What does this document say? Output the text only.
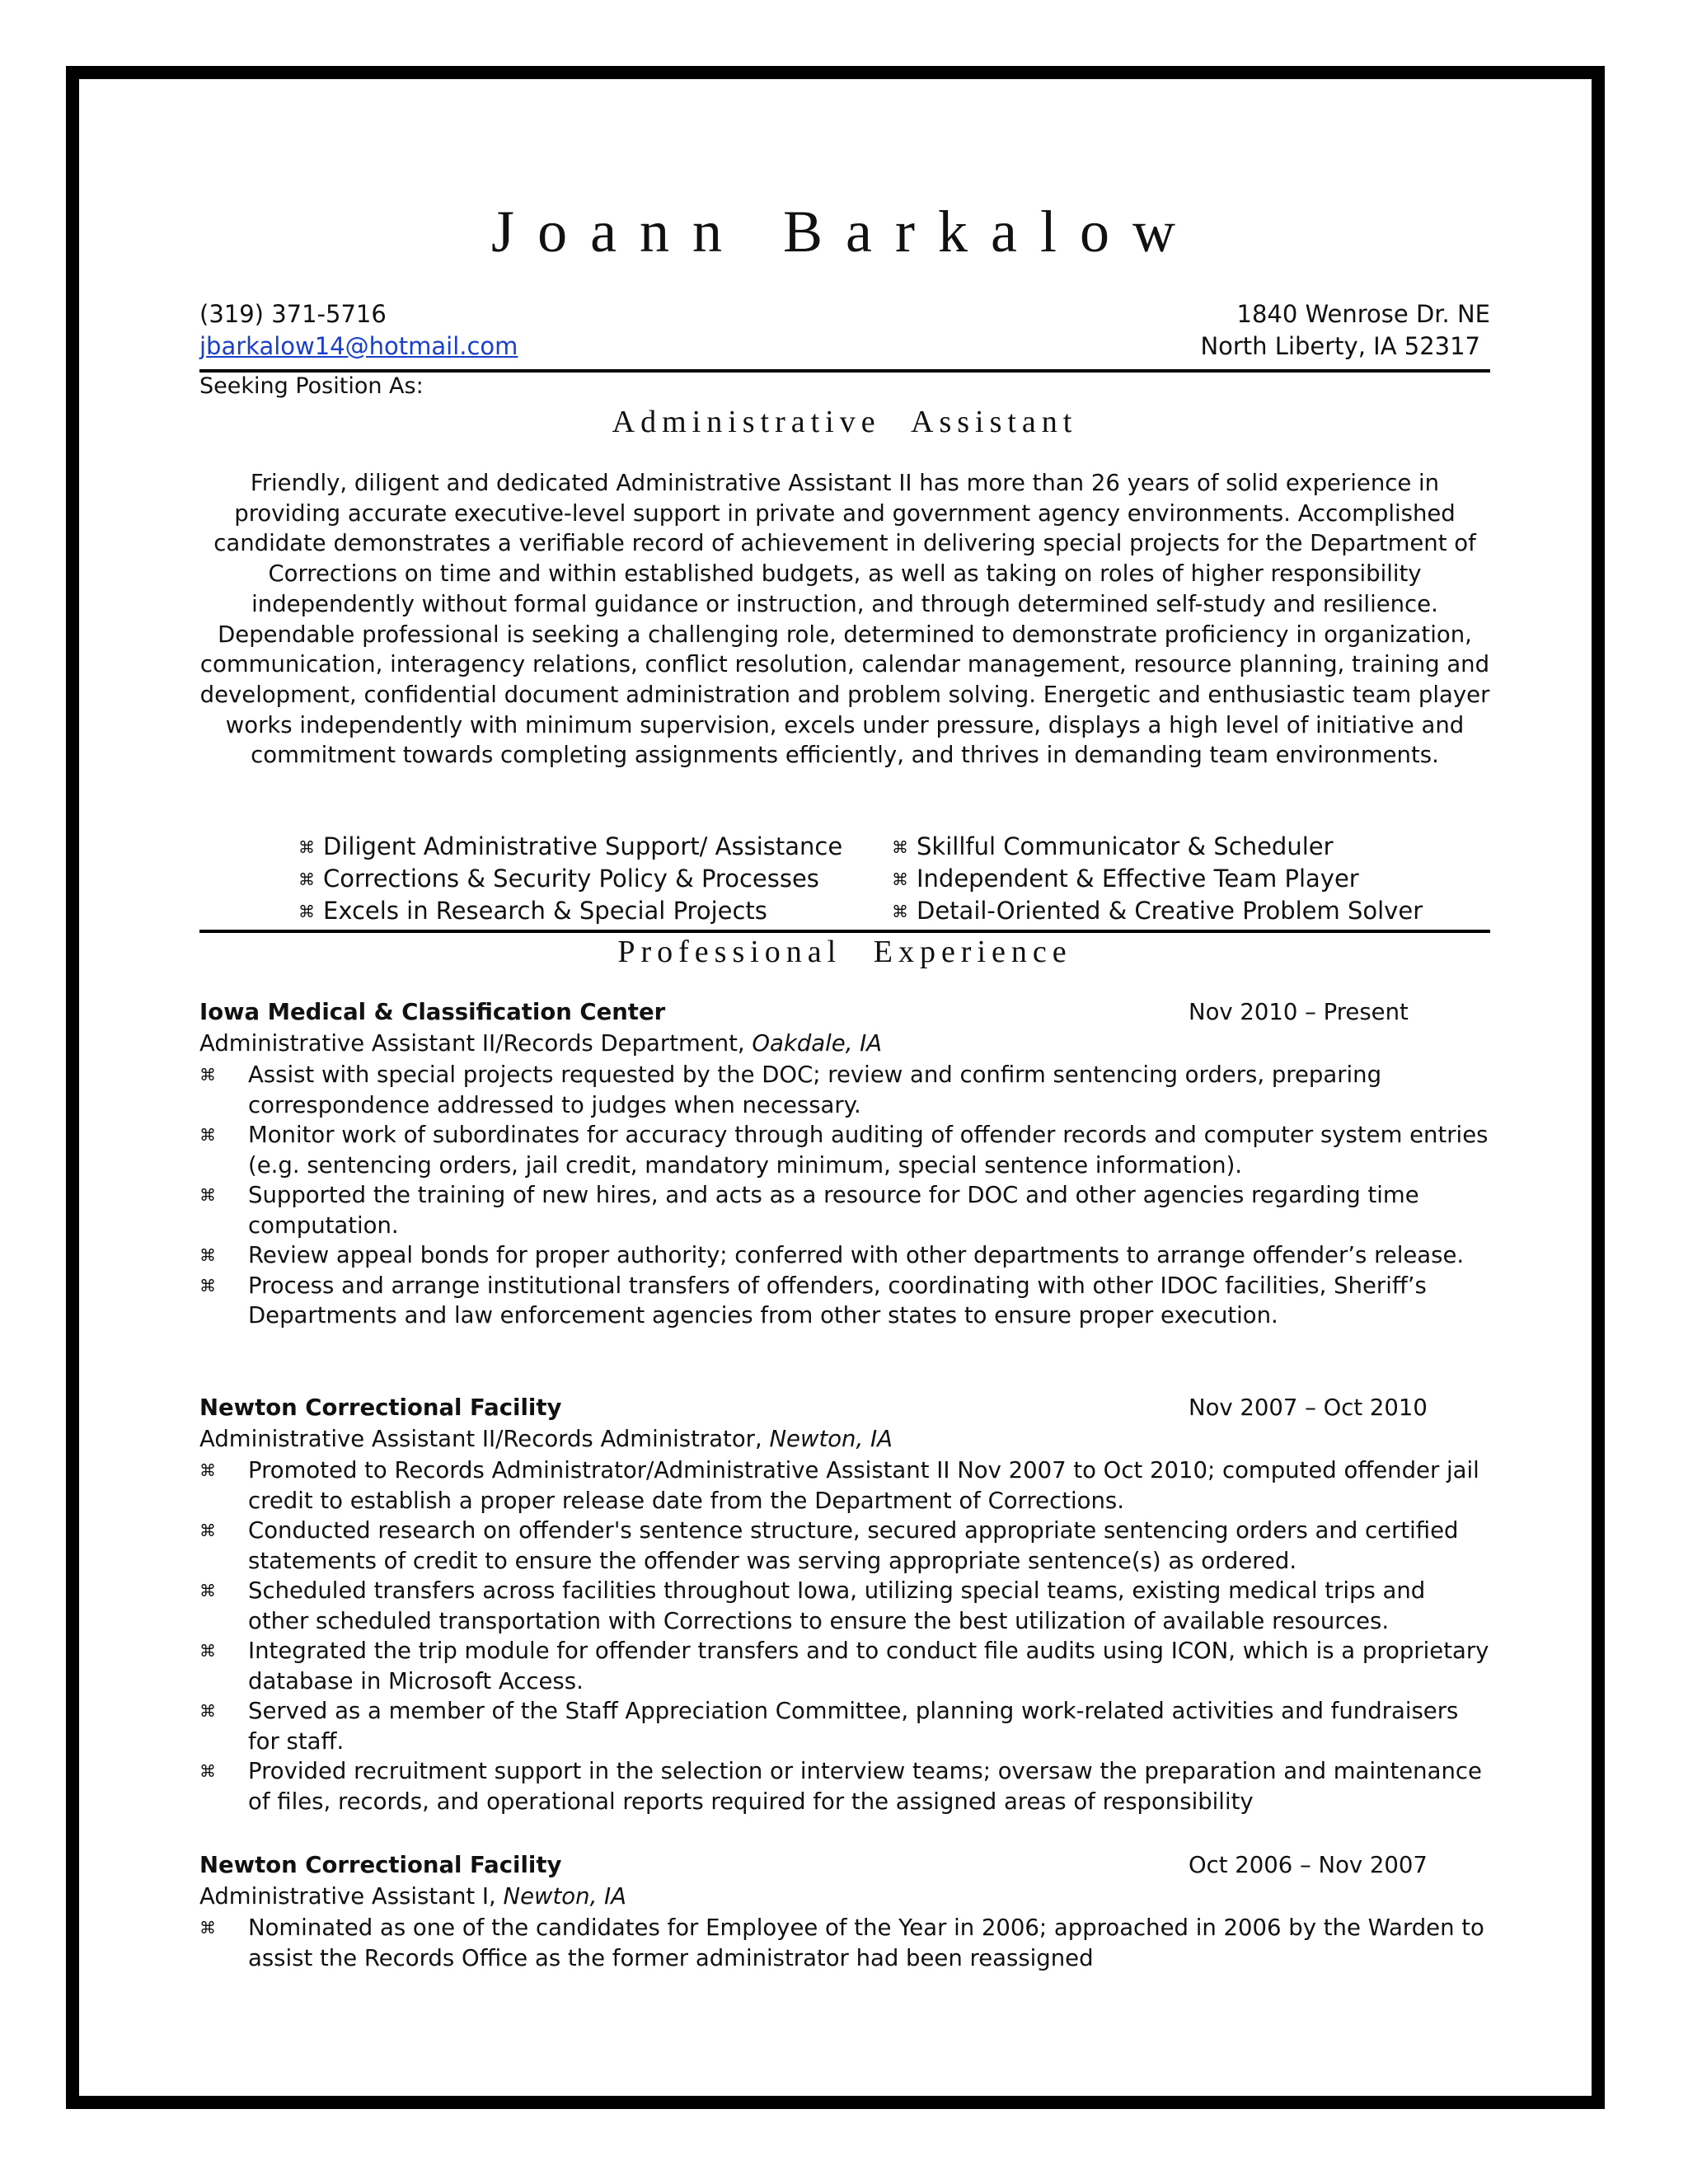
Joann Barkalow
(319) 371-5716	1840 Wenrose Dr. NE
jbarkalow14@hotmail.com	North Liberty, IA 52317
Seeking Position As:
Administrative Assistant

Friendly, diligent and dedicated Administrative Assistant II has more than 26 years of solid experience in providing accurate executive-level support in private and government agency environments. Accomplished candidate demonstrates a verifiable record of achievement in delivering special projects for the Department of Corrections on time and within established budgets, as well as taking on roles of higher responsibility independently without formal guidance or instruction, and through determined self-study and resilience. Dependable professional is seeking a challenging role, determined to demonstrate proficiency in organization, communication, interagency relations, conflict resolution, calendar management, resource planning, training and development, confidential document administration and problem solving. Energetic and enthusiastic team player works independently with minimum supervision, excels under pressure, displays a high level of initiative and commitment towards completing assignments efficiently, and thrives in demanding team environments.

⌘ Diligent Administrative Support/ Assistance
⌘ Corrections & Security Policy & Processes
⌘ Excels in Research & Special Projects
⌘ Skillful Communicator & Scheduler
⌘ Independent & Effective Team Player
⌘ Detail-Oriented & Creative Problem Solver
Professional Experience
Iowa Medical & Classification Center	Nov 2010 – Present
Administrative Assistant II/Records Department, Oakdale, IA
⌘	Assist with special projects requested by the DOC; review and confirm sentencing orders, preparing correspondence addressed to judges when necessary.
⌘	Monitor work of subordinates for accuracy through auditing of offender records and computer system entries (e.g. sentencing orders, jail credit, mandatory minimum, special sentence information).
⌘	Supported the training of new hires, and acts as a resource for DOC and other agencies regarding time computation.
⌘	Review appeal bonds for proper authority; conferred with other departments to arrange offender’s release.
⌘	Process and arrange institutional transfers of offenders, coordinating with other IDOC facilities, Sheriff’s Departments and law enforcement agencies from other states to ensure proper execution.
Newton Correctional Facility	Nov 2007 – Oct 2010
Administrative Assistant II/Records Administrator, Newton, IA
⌘	Promoted to Records Administrator/Administrative Assistant II Nov 2007 to Oct 2010; computed offender jail credit to establish a proper release date from the Department of Corrections.
⌘	Conducted research on offender's sentence structure, secured appropriate sentencing orders and certified statements of credit to ensure the offender was serving appropriate sentence(s) as ordered.
⌘	Scheduled transfers across facilities throughout Iowa, utilizing special teams, existing medical trips and other scheduled transportation with Corrections to ensure the best utilization of available resources.
⌘	Integrated the trip module for offender transfers and to conduct file audits using ICON, which is a proprietary database in Microsoft Access.
⌘	Served as a member of the Staff Appreciation Committee, planning work-related activities and fundraisers for staff.
⌘	Provided recruitment support in the selection or interview teams; oversaw the preparation and maintenance of files, records, and operational reports required for the assigned areas of responsibility
Newton Correctional Facility	Oct 2006 – Nov 2007
Administrative Assistant I, Newton, IA
⌘	Nominated as one of the candidates for Employee of the Year in 2006; approached in 2006 by the Warden to assist the Records Office as the former administrator had been reassigned
